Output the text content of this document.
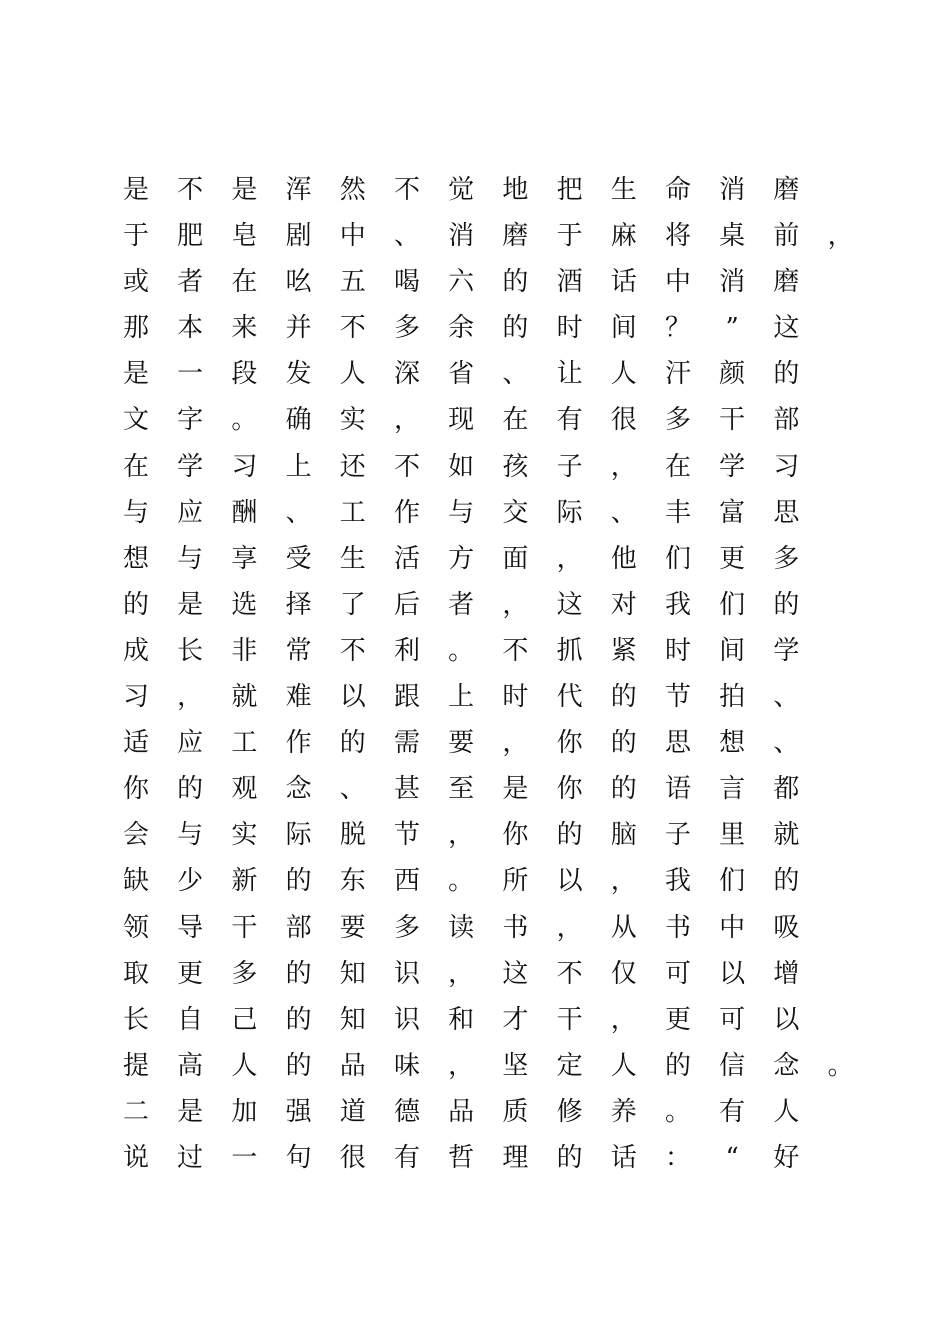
是 不 是 浑 然 不 觉 地 把 生 命 消 磨
于 肥 皂 剧 中 、 消 磨 于 麻 将 桌 前 ，
或 者 在 吆 五 喝 六 的 酒 话 中 消 磨
那 本 来 并 不 多 余 的 时 间 ？	”	这
是 一 段 发 人 深 省 、 让 人 汗 颜 的
文 字 。 确 实 ， 现 在 有 很 多 干 部
在 学 习 上 还 不 如 孩 子 ， 在 学 习
与 应 酬 、 工 作 与 交 际 、 丰 富 思
想 与 享 受 生 活 方 面 ， 他 们 更 多
的 是 选 择 了 后 者 ， 这 对 我 们 的
成 长 非 常 不 利 。 不 抓 紧 时 间 学
习 ， 就 难 以 跟 上 时 代 的 节 拍 、
适 应 工 作 的 需 要 ， 你 的 思 想 、
你 的 观 念 、 甚 至 是 你 的 语 言 都
会 与 实 际 脱 节 ， 你 的 脑 子 里 就
缺 少 新 的 东 西 。 所 以 ， 我 们 的
领 导 干 部 要 多 读 书 ， 从 书 中 吸
取 更 多 的 知 识 ， 这 不 仅 可 以 增
长 自 己 的 知 识 和 才 干 ， 更 可 以
提 高 人 的 品 味 ， 坚 定 人 的 信 念 。
二 是 加 强 道 德 品 质 修 养 。 有 人
说 过 一 句 很 有 哲 理 的 话 ：	“	好
